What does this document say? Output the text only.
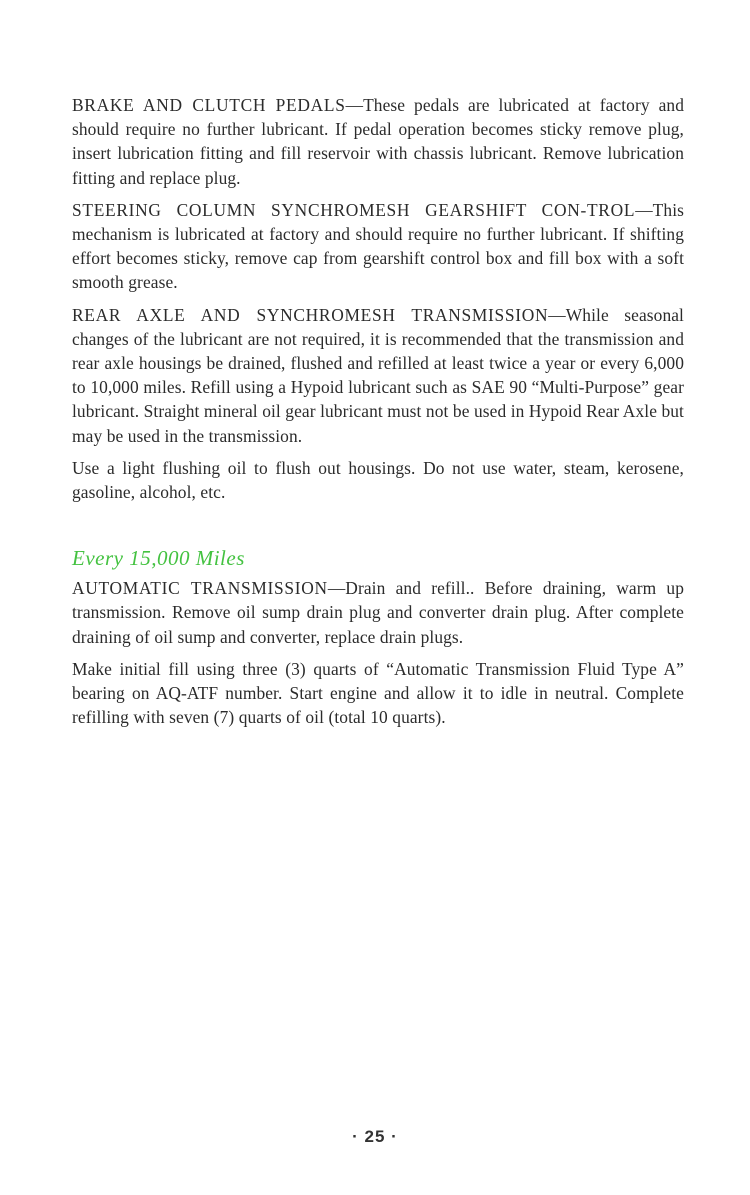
BRAKE AND CLUTCH PEDALS—These pedals are lubricated at factory and should require no further lubricant. If pedal operation becomes sticky remove plug, insert lubrication fitting and fill reservoir with chassis lubricant. Remove lubrication fitting and replace plug.

STEERING COLUMN SYNCHROMESH GEARSHIFT CON-TROL—This mechanism is lubricated at factory and should require no further lubricant. If shifting effort becomes sticky, remove cap from gearshift control box and fill box with a soft smooth grease.

REAR AXLE AND SYNCHROMESH TRANSMISSION—While seasonal changes of the lubricant are not required, it is recommended that the transmission and rear axle housings be drained, flushed and refilled at least twice a year or every 6,000 to 10,000 miles. Refill using a Hypoid lubricant such as SAE 90 “Multi-Purpose” gear lubricant. Straight mineral oil gear lubricant must not be used in Hypoid Rear Axle but may be used in the transmission.

Use a light flushing oil to flush out housings. Do not use water, steam, kerosene, gasoline, alcohol, etc.

Every 15,000 Miles

AUTOMATIC TRANSMISSION—Drain and refill.. Before draining, warm up transmission. Remove oil sump drain plug and converter drain plug. After complete draining of oil sump and converter, replace drain plugs.

Make initial fill using three (3) quarts of “Automatic Transmission Fluid Type A” bearing on AQ-ATF number. Start engine and allow it to idle in neutral. Complete refilling with seven (7) quarts of oil (total 10 quarts).

· 25 ·
